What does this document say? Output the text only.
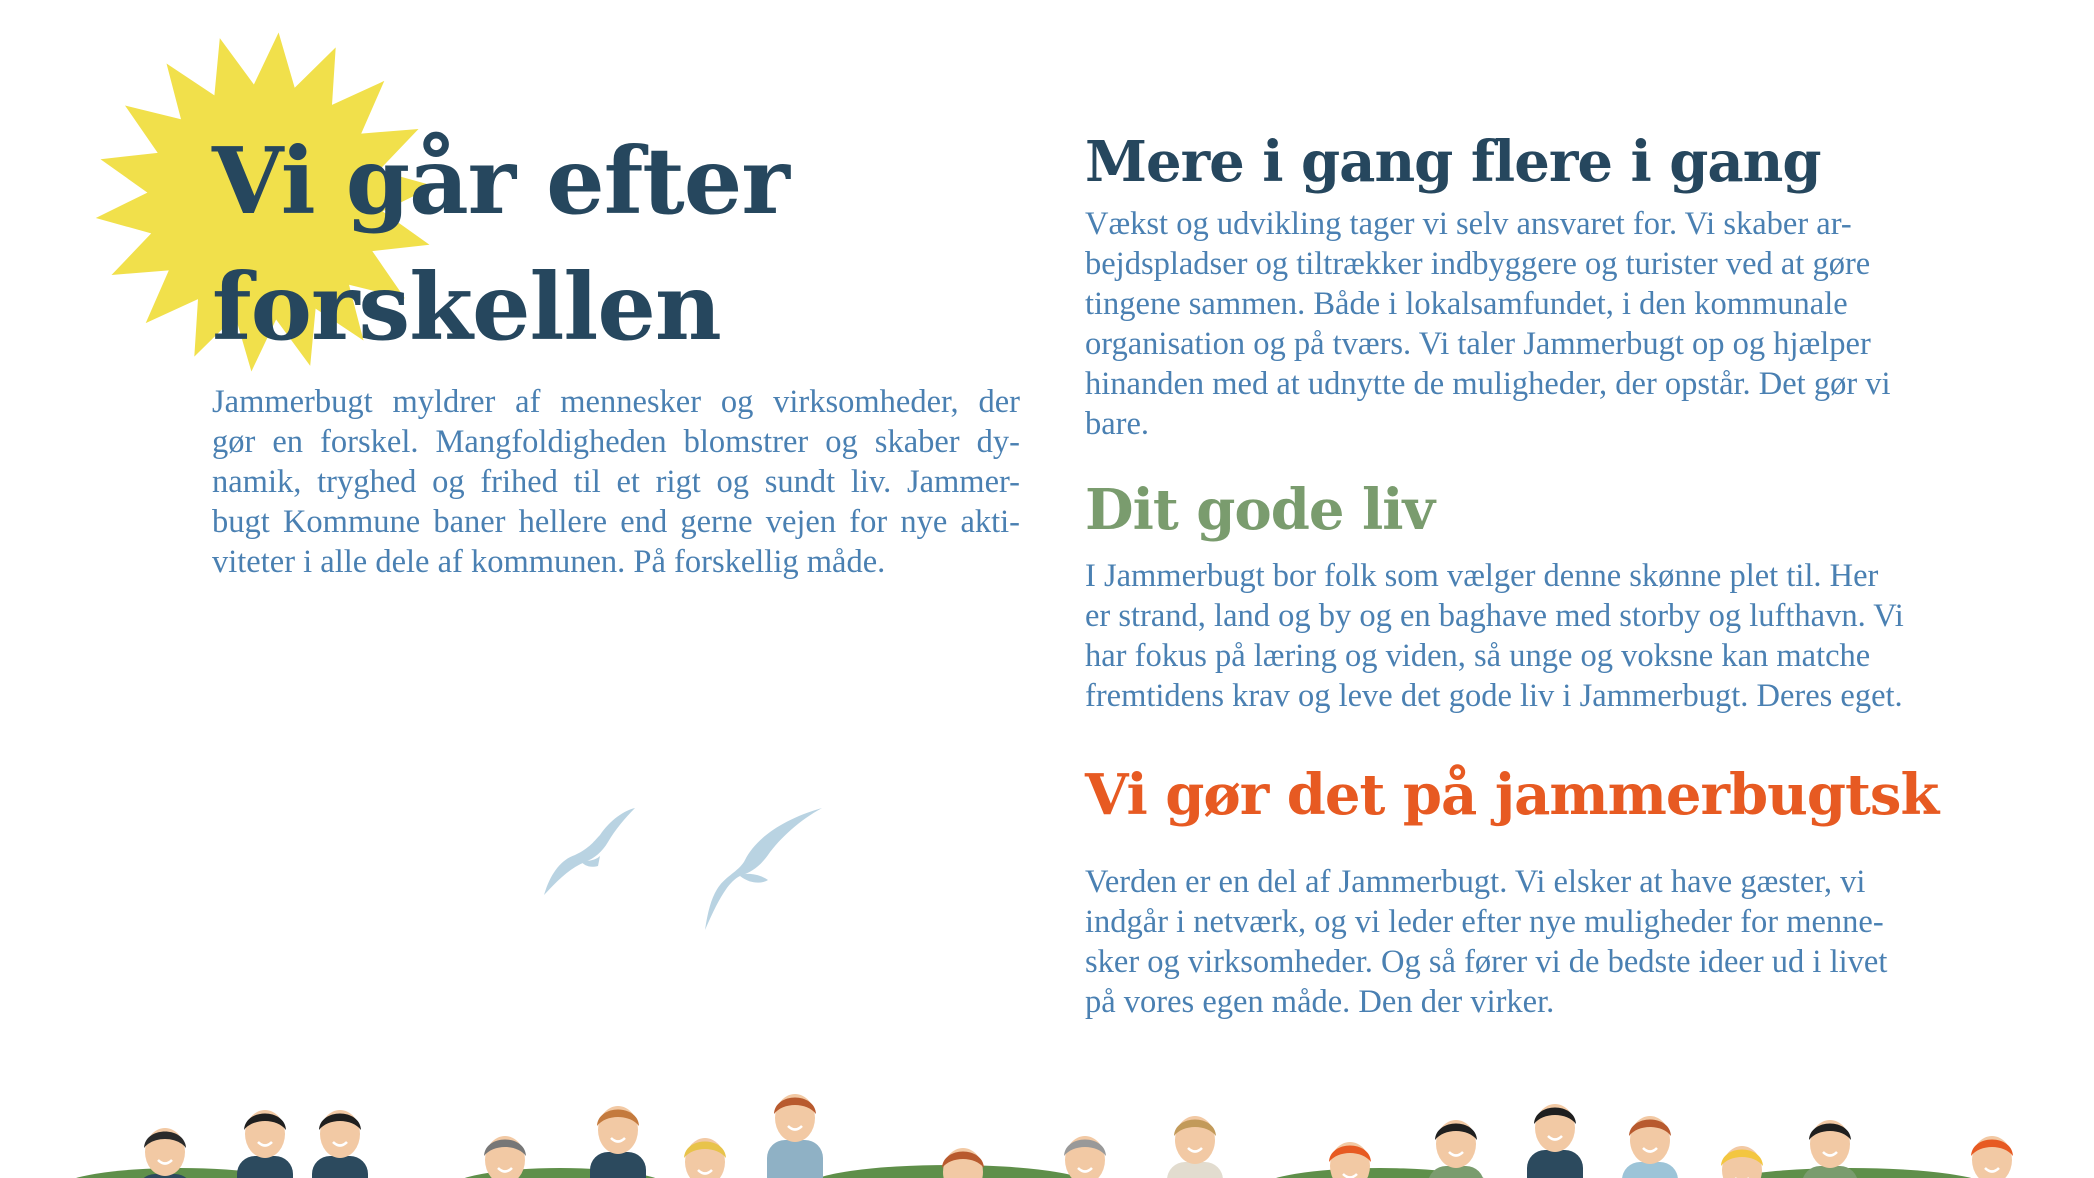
Vi går efter
forskellen
Jammerbugt myldrer af mennesker og virksomheder, der
gør en forskel. Mangfoldigheden blomstrer og skaber dy-
namik, tryghed og frihed til et rigt og sundt liv. Jammer-
bugt Kommune baner hellere end gerne vejen for nye akti-
viteter i alle dele af kommunen. På forskellig måde.
Mere i gang flere i gang
Vækst og udvikling tager vi selv ansvaret for. Vi skaber ar-
bejdspladser og tiltrækker indbyggere og turister ved at gøre
tingene sammen. Både i lokalsamfundet, i den kommunale
organisation og på tværs. Vi taler Jammerbugt op og hjælper
hinanden med at udnytte de muligheder, der opstår. Det gør vi
bare.
Dit gode liv
I Jammerbugt bor folk som vælger denne skønne plet til. Her
er strand, land og by og en baghave med storby og lufthavn. Vi
har fokus på læring og viden, så unge og voksne kan matche
fremtidens krav og leve det gode liv i Jammerbugt. Deres eget.
Vi gør det på jammerbugtsk
Verden er en del af Jammerbugt. Vi elsker at have gæster, vi
indgår i netværk, og vi leder efter nye muligheder for menne-
sker og virksomheder. Og så fører vi de bedste ideer ud i livet
på vores egen måde. Den der virker.
